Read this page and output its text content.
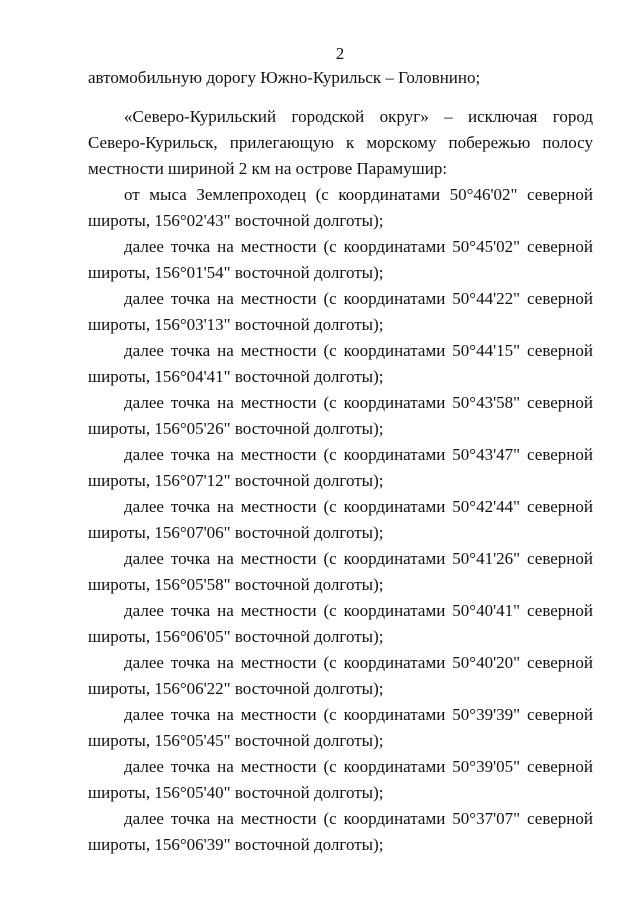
2

автомобильную дорогу Южно-Курильск – Головнино;

«Северо-Курильский городской округ» – исключая город Северо-Курильск, прилегающую к морскому побережью полосу местности шириной 2 км на острове Парамушир:

от мыса Землепроходец (с координатами 50°46'02" северной широты, 156°02'43" восточной долготы);

далее точка на местности (с координатами 50°45'02" северной широты, 156°01'54" восточной долготы);

далее точка на местности (с координатами 50°44'22" северной широты, 156°03'13" восточной долготы);

далее точка на местности (с координатами 50°44'15" северной широты, 156°04'41" восточной долготы);

далее точка на местности (с координатами 50°43'58" северной широты, 156°05'26" восточной долготы);

далее точка на местности (с координатами 50°43'47" северной широты, 156°07'12" восточной долготы);

далее точка на местности (с координатами 50°42'44" северной широты, 156°07'06" восточной долготы);

далее точка на местности (с координатами 50°41'26" северной широты, 156°05'58" восточной долготы);

далее точка на местности (с координатами 50°40'41" северной широты, 156°06'05" восточной долготы);

далее точка на местности (с координатами 50°40'20" северной широты, 156°06'22" восточной долготы);

далее точка на местности (с координатами 50°39'39" северной широты, 156°05'45" восточной долготы);

далее точка на местности (с координатами 50°39'05" северной широты, 156°05'40" восточной долготы);

далее точка на местности (с координатами 50°37'07" северной широты, 156°06'39" восточной долготы);
